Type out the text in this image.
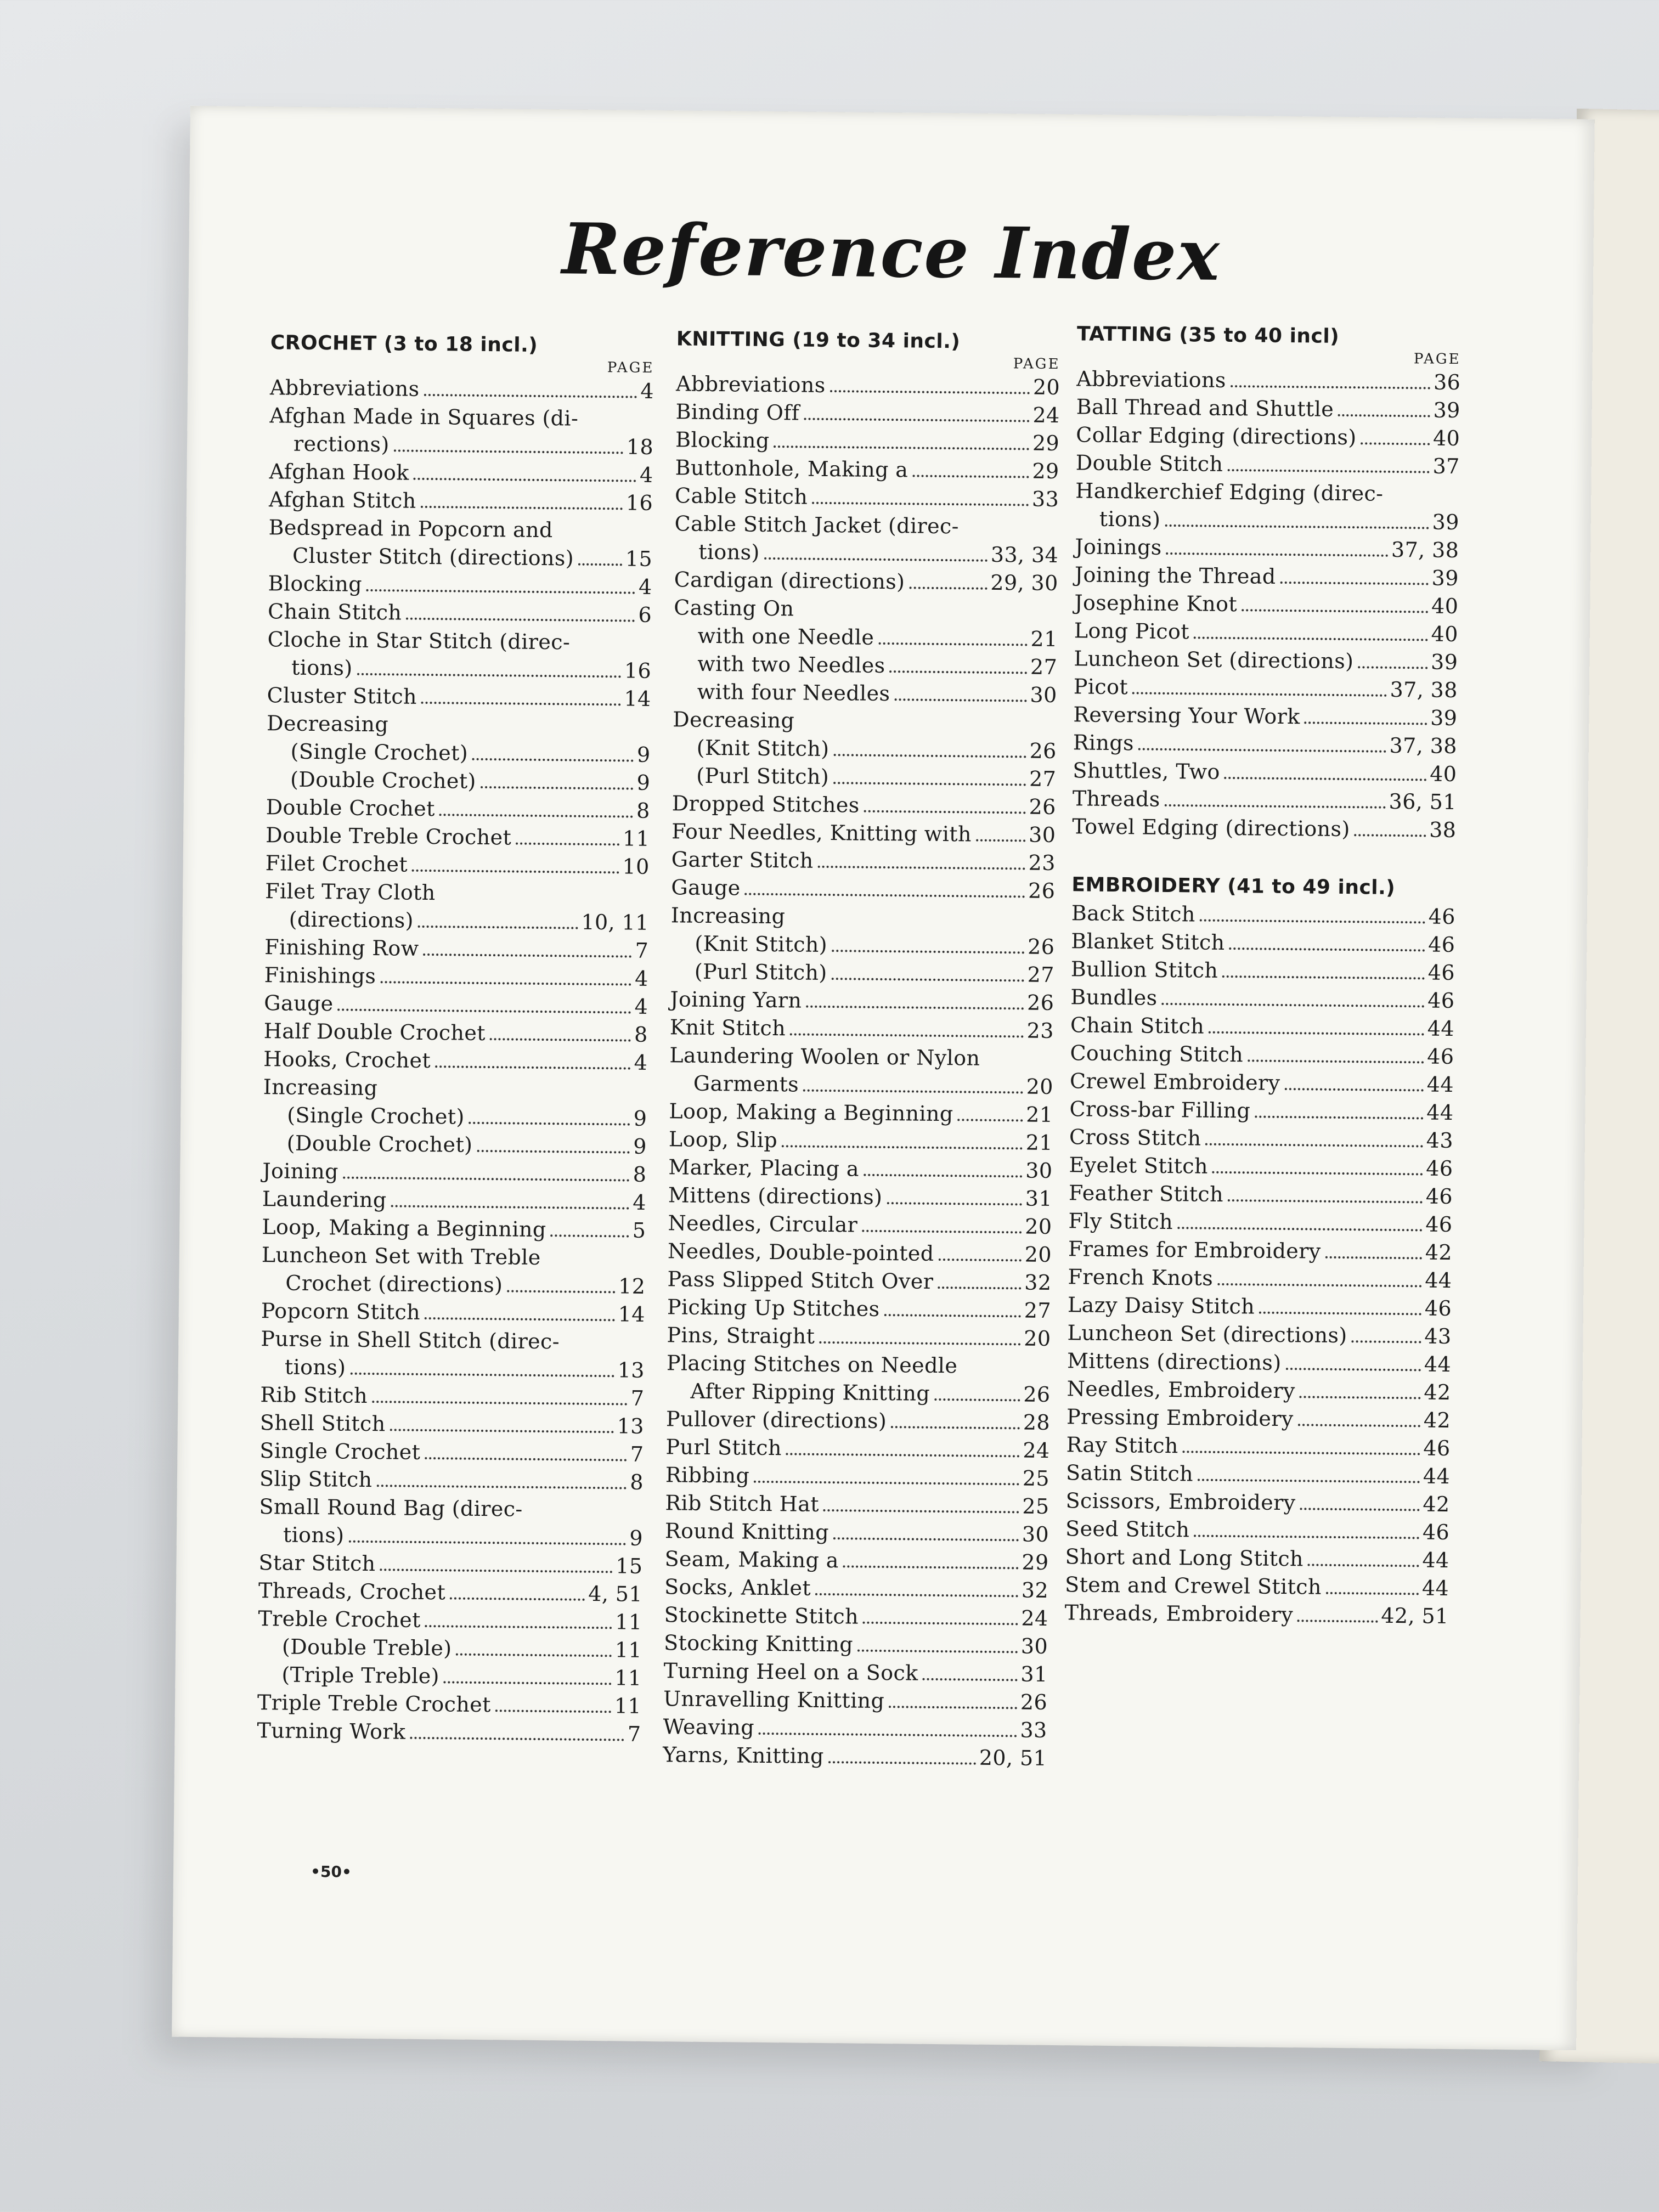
Reference Index
CROCHET (3 to 18 incl.)
PAGE
Abbreviations	4
Afghan Made in Squares (di-
rections)	18
Afghan Hook	4
Afghan Stitch	16
Bedspread in Popcorn and
Cluster Stitch (directions) 15
Blocking	4
Chain Stitch	6
Cloche in Star Stitch (direc-
tions)	16
Cluster Stitch	14
Decreasing
(Single Crochet)	9
(Double Crochet)	9
Double Crochet	8
Double Treble Crochet	11
Filet Crochet	10
Filet Tray Cloth
(directions)	10, 11
Finishing Row	7
Finishings	4
Gauge	4
Half Double Crochet	8
Hooks, Crochet	4
Increasing
(Single Crochet)	9
(Double Crochet)	9
Joining	8
Laundering	4
Loop, Making a Beginning	5
Luncheon Set with Treble
Crochet (directions)	12
Popcorn Stitch	14
Purse in Shell Stitch (direc-
tions)	13
Rib Stitch	7
Shell Stitch	13
Single Crochet	7
Slip Stitch	8
Small Round Bag (direc-
tions)	9
Star Stitch	15
Threads, Crochet	4, 51
Treble Crochet	11
(Double Treble)	11
(Triple Treble)	11
Triple Treble Crochet	11
Turning Work	7
KNITTING (19 to 34 incl.)
PAGE
Abbreviations	20
Binding Off	24
Blocking	29
Buttonhole, Making a	29
Cable Stitch	33
Cable Stitch Jacket (direc-
tions)	33, 34
Cardigan (directions)	29, 30
Casting On
with one Needle	21
with two Needles	27
with four Needles	30
Decreasing
(Knit Stitch)	26
(Purl Stitch)	27
Dropped Stitches	26
Four Needles, Knitting with	30
Garter Stitch	23
Gauge	26
Increasing
(Knit Stitch)	26
(Purl Stitch)	27
Joining Yarn	26
Knit Stitch	23
Laundering Woolen or Nylon
Garments	20
Loop, Making a Beginning	21
Loop, Slip	21
Marker, Placing a	30
Mittens (directions)	31
Needles, Circular	20
Needles, Double-pointed	20
Pass Slipped Stitch Over	32
Picking Up Stitches	27
Pins, Straight	20
Placing Stitches on Needle
After Ripping Knitting	26
Pullover (directions)	28
Purl Stitch	24
Ribbing	25
Rib Stitch Hat	25
Round Knitting	30
Seam, Making a	29
Socks, Anklet	32
Stockinette Stitch	24
Stocking Knitting	30
Turning Heel on a Sock	31
Unravelling Knitting	26
Weaving	33
Yarns, Knitting	20, 51
TATTING (35 to 40 incl)
PAGE
Abbreviations	36
Ball Thread and Shuttle	39
Collar Edging (directions)	40
Double Stitch	37
Handkerchief Edging (direc-
tions)	39
Joinings	37, 38
Joining the Thread	39
Josephine Knot	40
Long Picot	40
Luncheon Set (directions)	39
Picot	37, 38
Reversing Your Work	39
Rings	37, 38
Shuttles, Two	40
Threads	36, 51
Towel Edging (directions)	38
EMBROIDERY (41 to 49 incl.)
Back Stitch	46
Blanket Stitch	46
Bullion Stitch	46
Bundles	46
Chain Stitch	44
Couching Stitch	46
Crewel Embroidery	44
Cross-bar Filling	44
Cross Stitch	43
Eyelet Stitch	46
Feather Stitch	46
Fly Stitch	46
Frames for Embroidery	42
French Knots	44
Lazy Daisy Stitch	46
Luncheon Set (directions)	43
Mittens (directions)	44
Needles, Embroidery	42
Pressing Embroidery	42
Ray Stitch	46
Satin Stitch	44
Scissors, Embroidery	42
Seed Stitch	46
Short and Long Stitch	44
Stem and Crewel Stitch	44
Threads, Embroidery	42, 51
•50•
